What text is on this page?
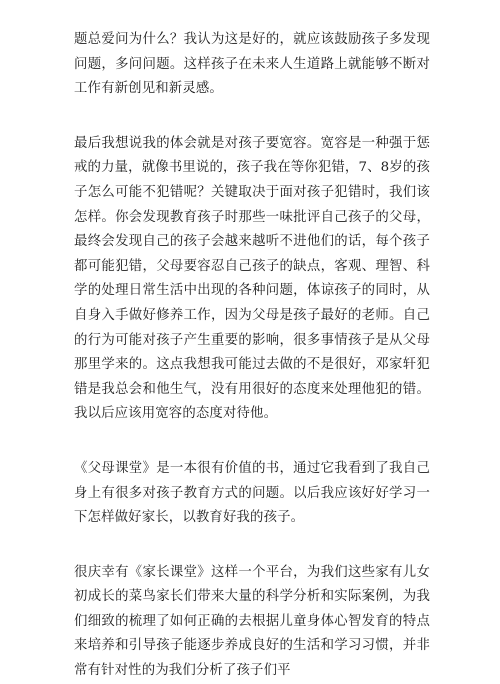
题总爱问为什么？我认为这是好的，就应该鼓励孩子多发现问题，多问问题。这样孩子在未来人生道路上就能够不断对工作有新创见和新灵感。

最后我想说我的体会就是对孩子要宽容。宽容是一种强于惩戒的力量，就像书里说的，孩子我在等你犯错，7、8岁的孩子怎么可能不犯错呢？关键取决于面对孩子犯错时，我们该怎样。你会发现教育孩子时那些一味批评自己孩子的父母，最终会发现自己的孩子会越来越听不进他们的话，每个孩子都可能犯错，父母要容忍自己孩子的缺点，客观、理智、科学的处理日常生活中出现的各种问题，体谅孩子的同时，从自身入手做好修养工作，因为父母是孩子最好的老师。自己的行为可能对孩子产生重要的影响，很多事情孩子是从父母那里学来的。这点我想我可能过去做的不是很好，邓家轩犯错是我总会和他生气，没有用很好的态度来处理他犯的错。我以后应该用宽容的态度对待他。

《父母课堂》是一本很有价值的书，通过它我看到了我自己身上有很多对孩子教育方式的问题。以后我应该好好学习一下怎样做好家长，以教育好我的孩子。

很庆幸有《家长课堂》这样一个平台，为我们这些家有儿女初成长的菜鸟家长们带来大量的科学分析和实际案例，为我们细致的梳理了如何正确的去根据儿童身体心智发育的特点来培养和引导孩子能逐步养成良好的生活和学习习惯，并非常有针对性的为我们分析了孩子们平
